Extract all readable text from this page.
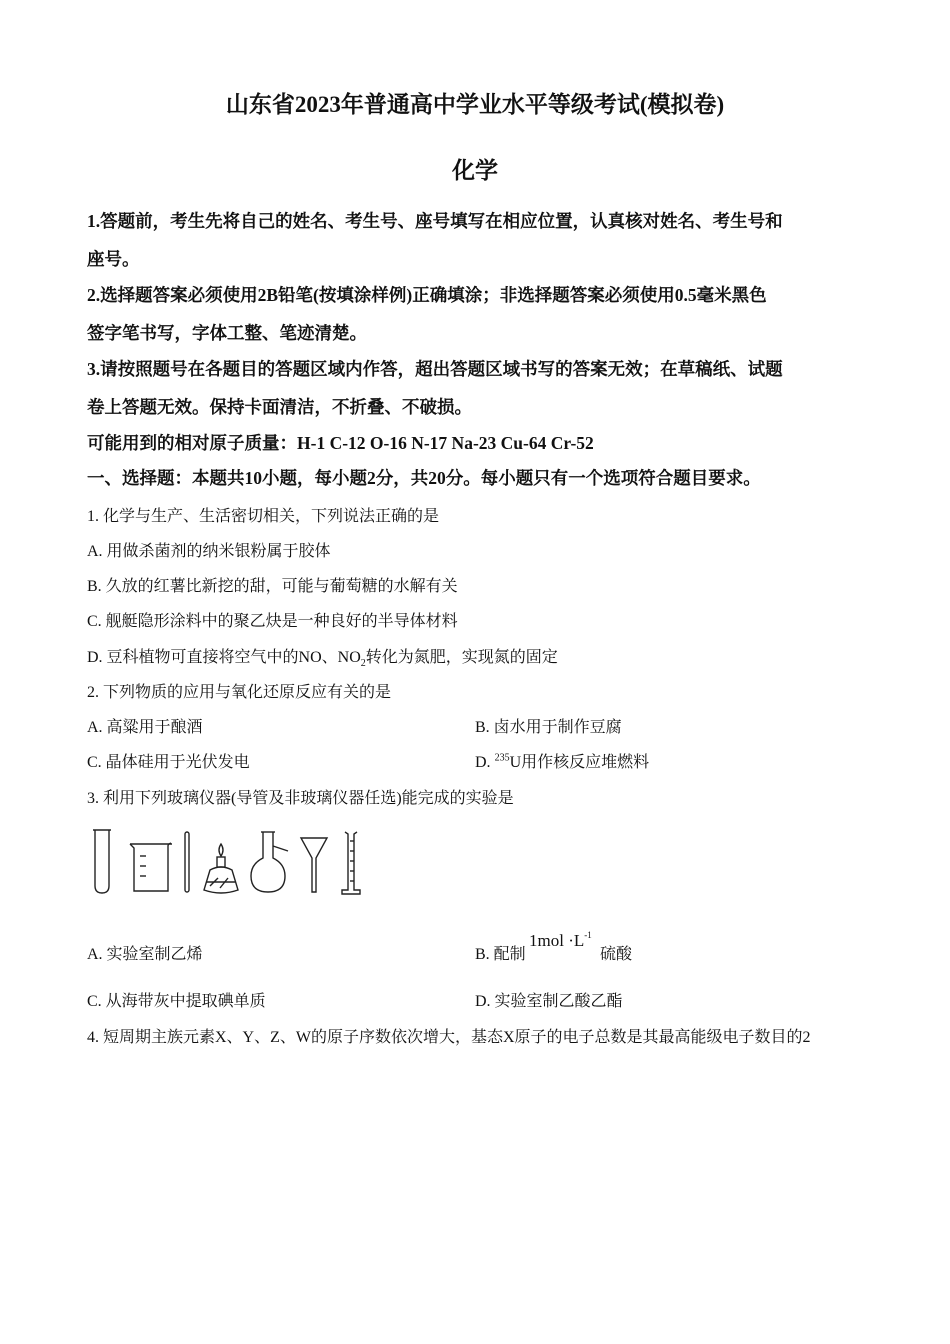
山东省2023年普通高中学业水平等级考试(模拟卷)
化学
1.答题前，考生先将自己的姓名、考生号、座号填写在相应位置，认真核对姓名、考生号和
座号。
2.选择题答案必须使用2B铅笔(按填涂样例)正确填涂；非选择题答案必须使用0.5毫米黑色
签字笔书写，字体工整、笔迹清楚。
3.请按照题号在各题目的答题区域内作答，超出答题区域书写的答案无效；在草稿纸、试题
卷上答题无效。保持卡面清洁，不折叠、不破损。
可能用到的相对原子质量：H-1 C-12 O-16 N-17 Na-23 Cu-64 Cr-52
一、选择题：本题共10小题，每小题2分，共20分。每小题只有一个选项符合题目要求。
1. 化学与生产、生活密切相关，下列说法正确的是
A. 用做杀菌剂的纳米银粉属于胶体
B. 久放的红薯比新挖的甜，可能与葡萄糖的水解有关
C. 舰艇隐形涂料中的聚乙炔是一种良好的半导体材料
D. 豆科植物可直接将空气中的NO、$NO_2$转化为氮肥，实现氮的固定
2. 下列物质的应用与氧化还原反应有关的是
A. 高粱用于酿酒	B. 卤水用于制作豆腐
C. 晶体硅用于光伏发电	D. $^{235}$U用作核反应堆燃料
3. 利用下列玻璃仪器(导管及非玻璃仪器任选)能完成的实验是
A. 实验室制乙烯	B. 配制
$1mol \cdot L^{-1}$
硫酸
C. 从海带灰中提取碘单质	D. 实验室制乙酸乙酯
4. 短周期主族元素X、Y、Z、W的原子序数依次增大，基态X原子的电子总数是其最高能级电子数目的2
